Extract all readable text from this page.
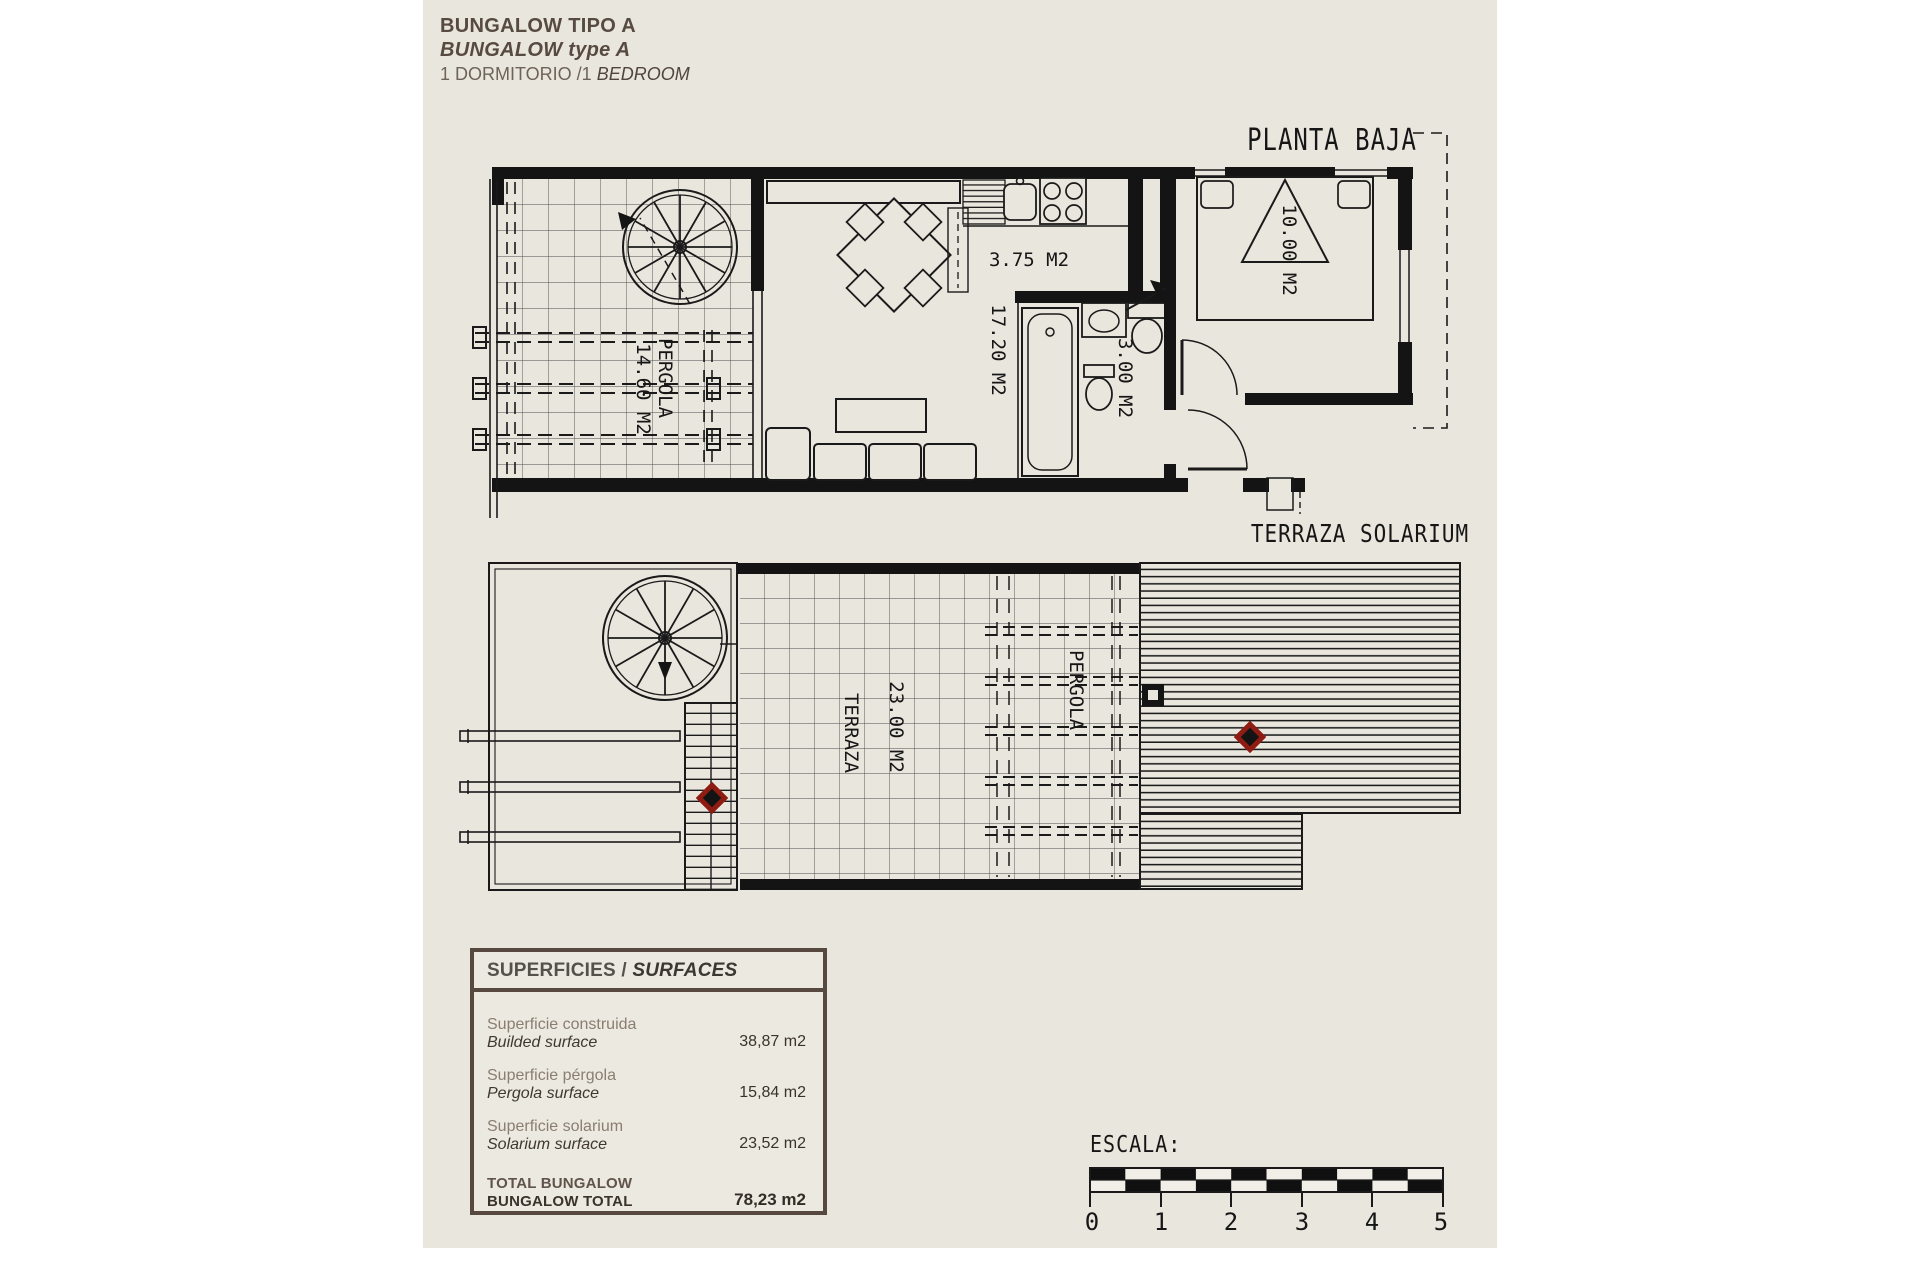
BUNGALOW TIPO A
BUNGALOW type A
1 DORMITORIO /1 BEDROOM
PLANTA BAJA
14.60 M2 PERGOLA	17.20 M2
3.75 M2
3.00 M2
10.00 M2
TERRAZA SOLARIUM
TERRAZA 23.00 M2	PERGOLA
ESCALA:
0 1 2 3 4 5
SUPERFICIES / SURFACES
Superficie construida
Builded surface	38,87 m2
Superficie pérgola
Pergola surface	15,84 m2
Superficie solarium
Solarium surface	23,52 m2
TOTAL BUNGALOW
BUNGALOW TOTAL	78,23 m2
